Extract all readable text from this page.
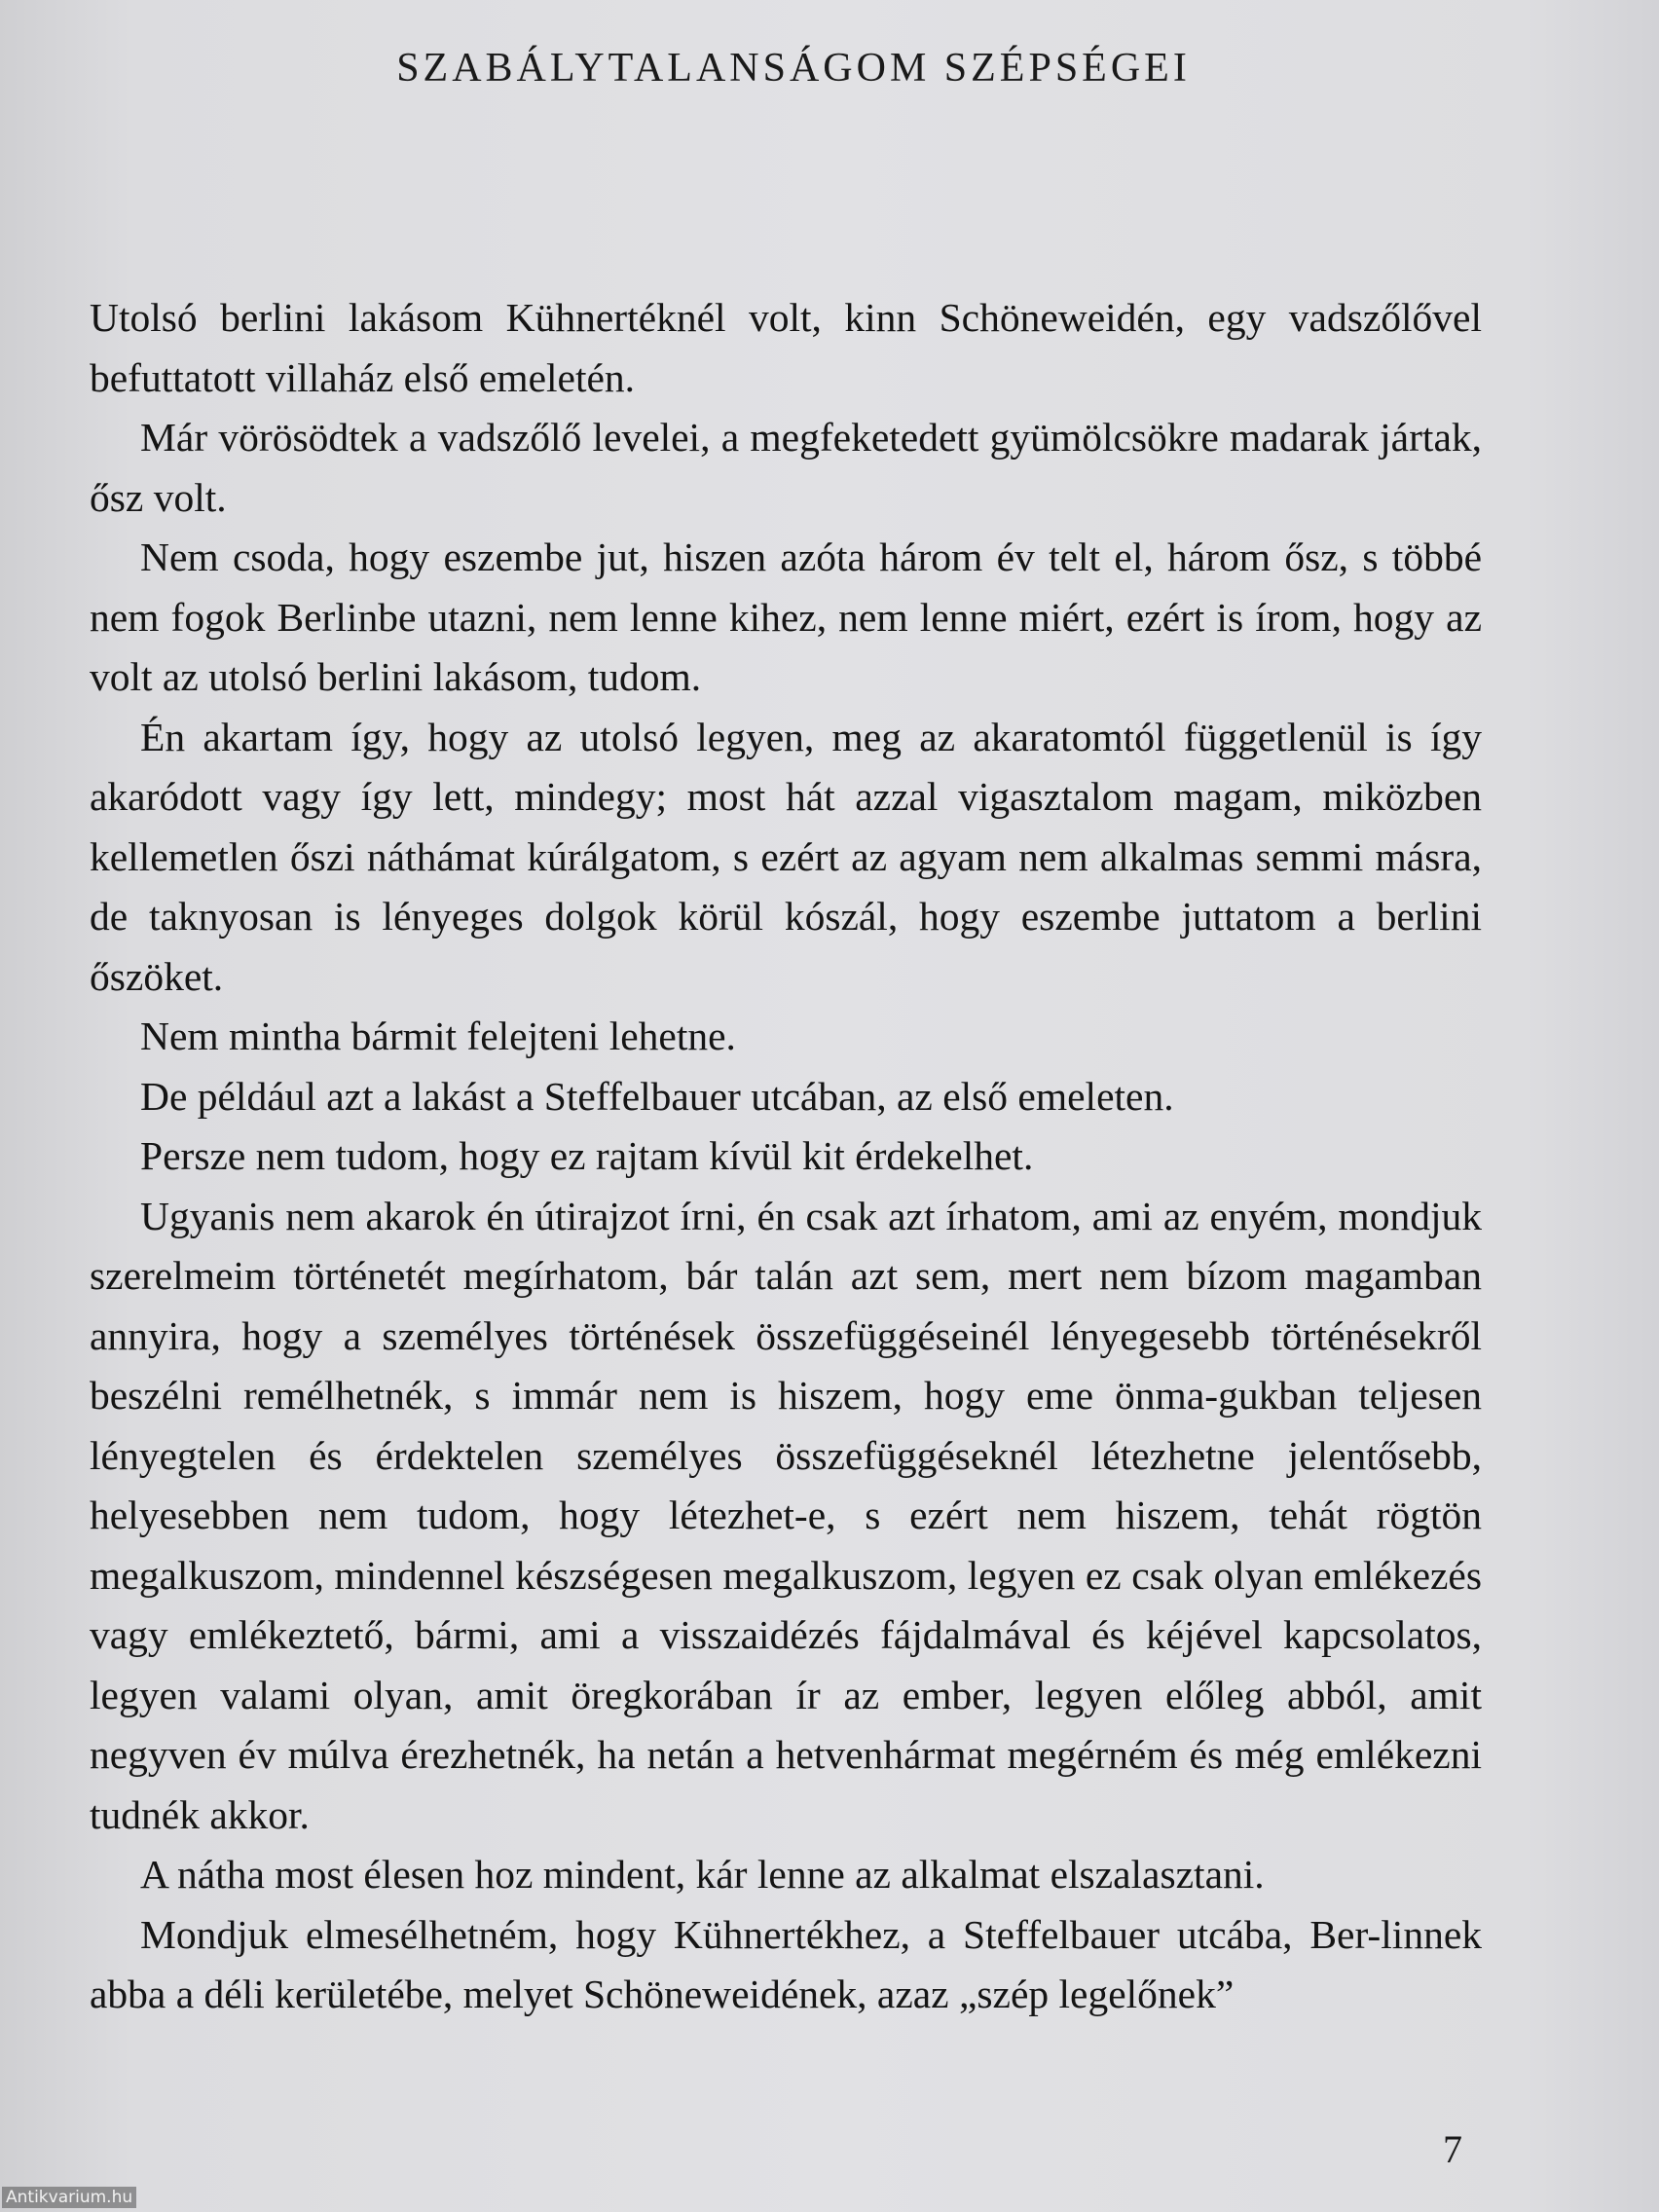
SZABÁLYTALANSÁGOM SZÉPSÉGEI

Utolsó berlini lakásom Kühnertéknél volt, kinn Schöneweidén, egy vadszőlővel befuttatott villaház első emeletén.

Már vörösödtek a vadszőlő levelei, a megfeketedett gyümölcsökre madarak jártak, ősz volt.

Nem csoda, hogy eszembe jut, hiszen azóta három év telt el, három ősz, s többé nem fogok Berlinbe utazni, nem lenne kihez, nem lenne miért, ezért is írom, hogy az volt az utolsó berlini lakásom, tudom.

Én akartam így, hogy az utolsó legyen, meg az akaratomtól függetlenül is így akaródott vagy így lett, mindegy; most hát azzal vigasztalom magam, miközben kellemetlen őszi náthámat kúrálgatom, s ezért az agyam nem alkalmas semmi másra, de taknyosan is lényeges dolgok körül kószál, hogy eszembe juttatom a berlini őszöket.

Nem mintha bármit felejteni lehetne.

De például azt a lakást a Steffelbauer utcában, az első emeleten.

Persze nem tudom, hogy ez rajtam kívül kit érdekelhet.

Ugyanis nem akarok én útirajzot írni, én csak azt írhatom, ami az enyém, mondjuk szerelmeim történetét megírhatom, bár talán azt sem, mert nem bízom magamban annyira, hogy a személyes történések összefüggéseinél lényegesebb történésekről beszélni remélhetnék, s immár nem is hiszem, hogy eme önma-gukban teljesen lényegtelen és érdektelen személyes összefüggéseknél létezhetne jelentősebb, helyesebben nem tudom, hogy létezhet-e, s ezért nem hiszem, tehát rögtön megalkuszom, mindennel készségesen megalkuszom, legyen ez csak olyan emlékezés vagy emlékeztető, bármi, ami a visszaidézés fájdalmával és kéjével kapcsolatos, legyen valami olyan, amit öregkorában ír az ember, legyen előleg abból, amit negyven év múlva érezhetnék, ha netán a hetvenhármat megérném és még emlékezni tudnék akkor.

A nátha most élesen hoz mindent, kár lenne az alkalmat elszalasztani.

Mondjuk elmesélhetném, hogy Kühnertékhez, a Steffelbauer utcába, Ber-linnek abba a déli kerületébe, melyet Schöneweidének, azaz „szép legelőnek”

7
Antikvarium.hu
